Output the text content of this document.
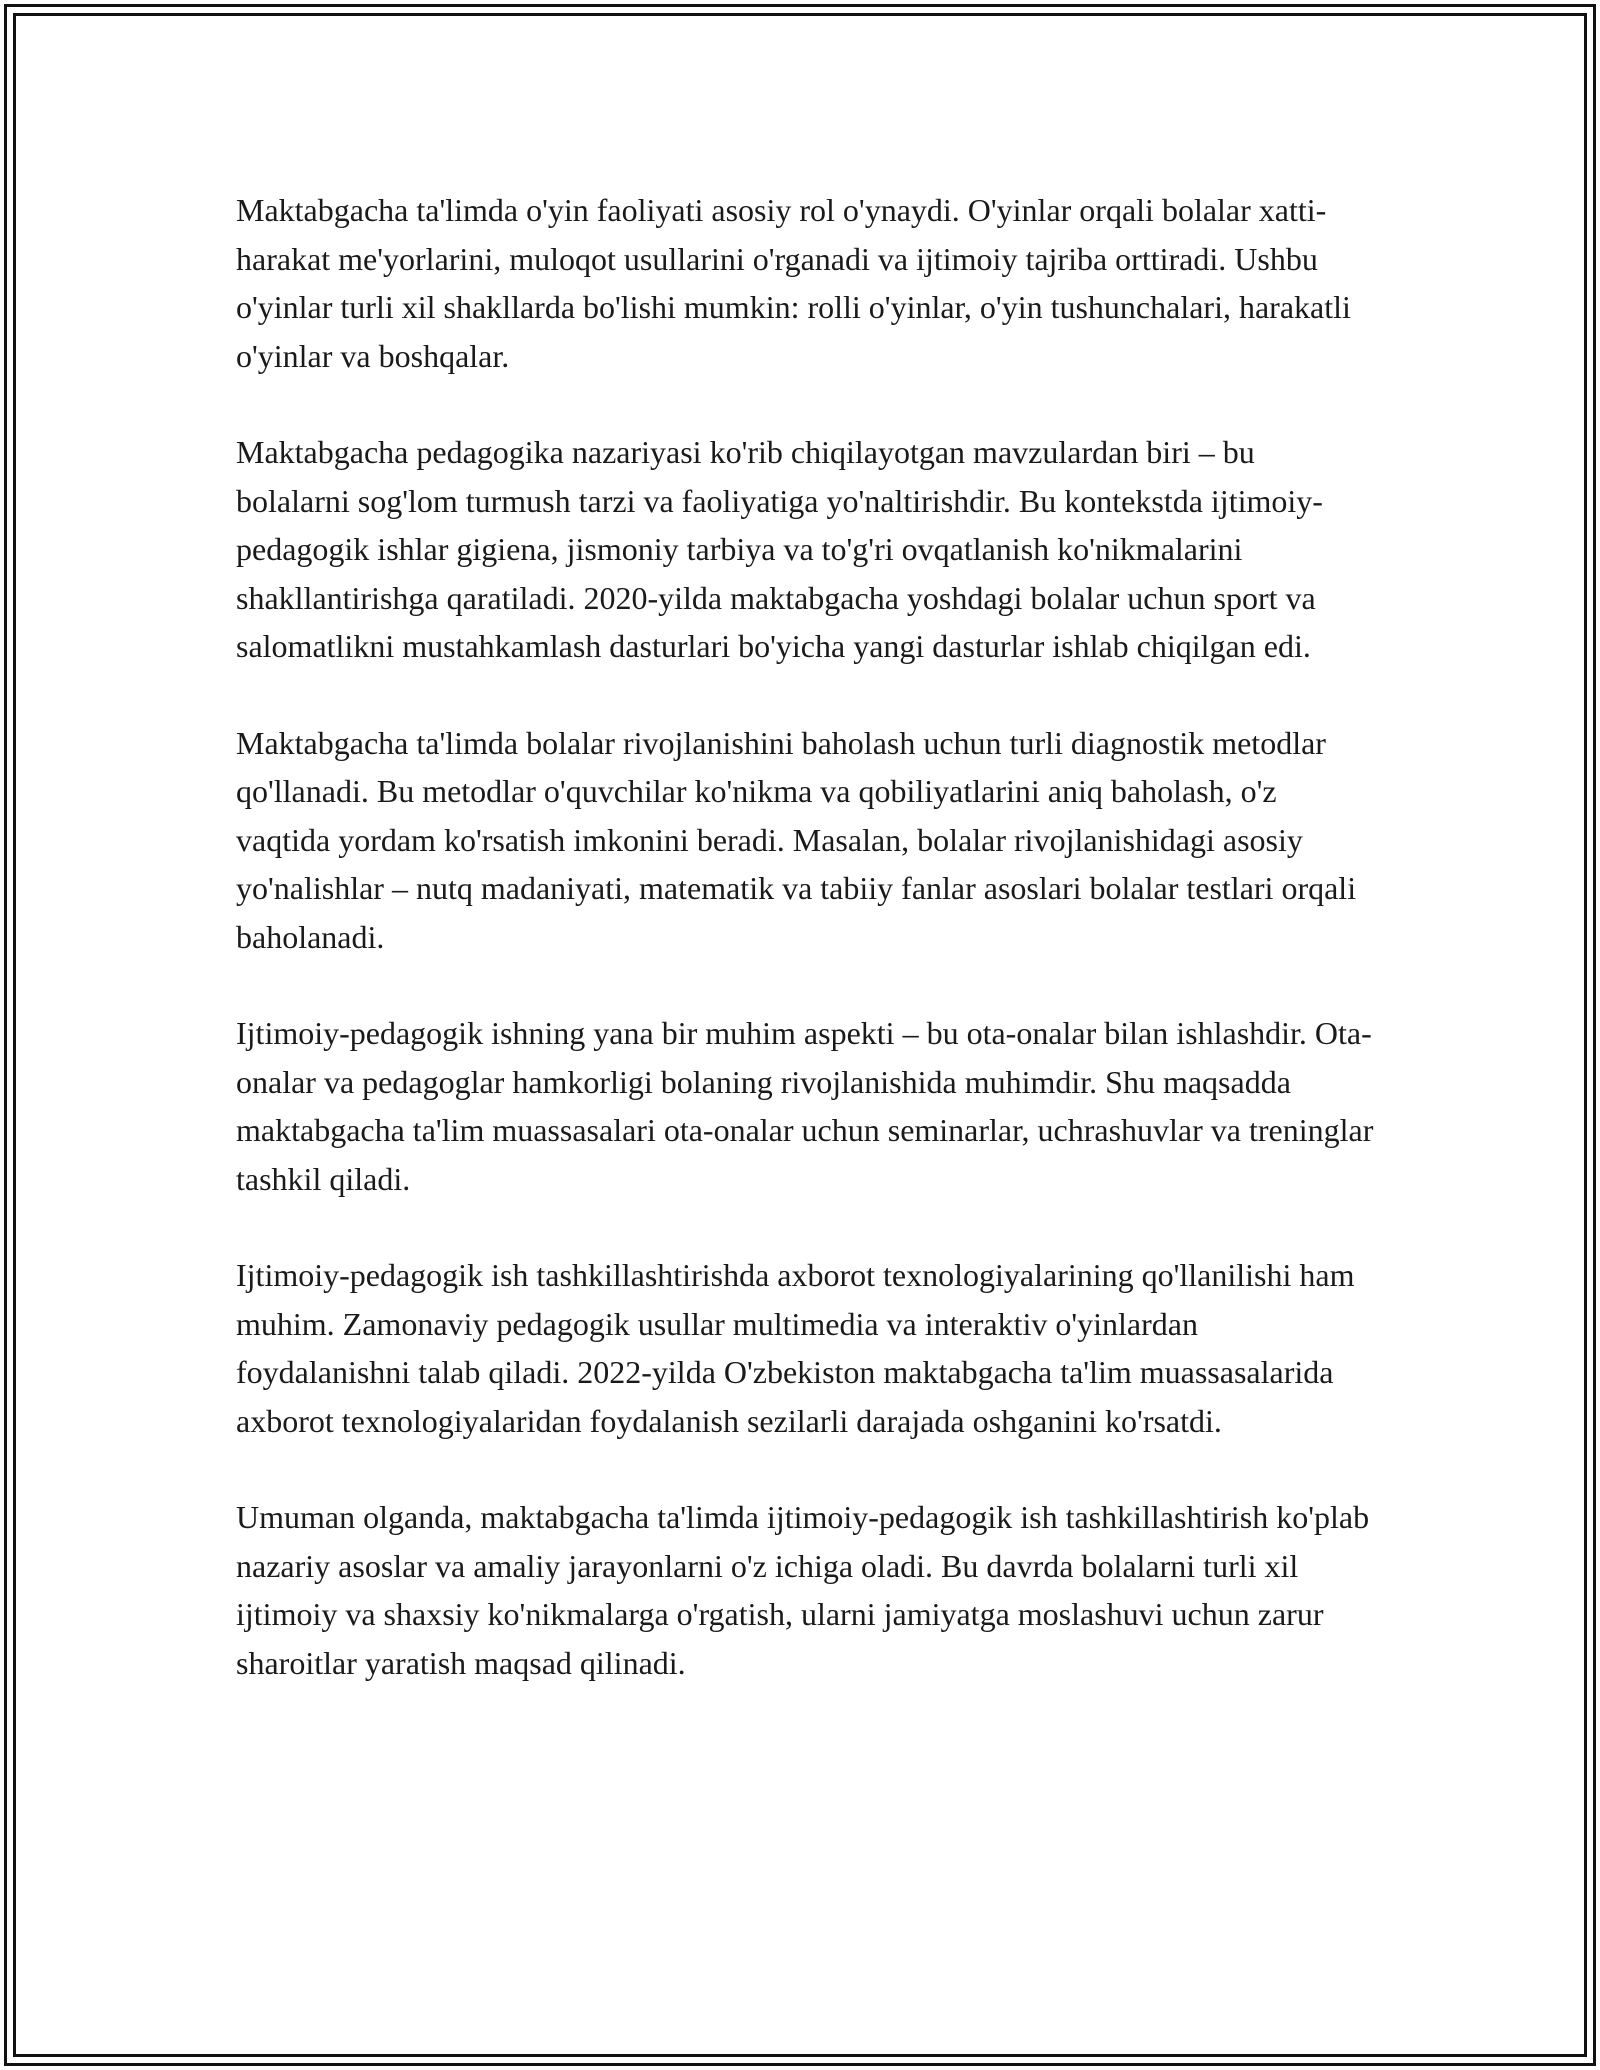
Maktabgacha ta'limda o'yin faoliyati asosiy rol o'ynaydi. O'yinlar orqali bolalar xatti-harakat me'yorlarini, muloqot usullarini o'rganadi va ijtimoiy tajriba orttiradi. Ushbu o'yinlar turli xil shakllarda bo'lishi mumkin: rolli o'yinlar, o'yin tushunchalari, harakatli o'yinlar va boshqalar.

Maktabgacha pedagogika nazariyasi ko'rib chiqilayotgan mavzulardan biri – bu bolalarni sog'lom turmush tarzi va faoliyatiga yo'naltirishdir. Bu kontekstda ijtimoiy-pedagogik ishlar gigiena, jismoniy tarbiya va to'g'ri ovqatlanish ko'nikmalarini shakllantirishga qaratiladi. 2020-yilda maktabgacha yoshdagi bolalar uchun sport va salomatlikni mustahkamlash dasturlari bo'yicha yangi dasturlar ishlab chiqilgan edi.

Maktabgacha ta'limda bolalar rivojlanishini baholash uchun turli diagnostik metodlar qo'llanadi. Bu metodlar o'quvchilar ko'nikma va qobiliyatlarini aniq baholash, o'z vaqtida yordam ko'rsatish imkonini beradi. Masalan, bolalar rivojlanishidagi asosiy yo'nalishlar – nutq madaniyati, matematik va tabiiy fanlar asoslari bolalar testlari orqali baholanadi.

Ijtimoiy-pedagogik ishning yana bir muhim aspekti – bu ota-onalar bilan ishlashdir. Ota-onalar va pedagoglar hamkorligi bolaning rivojlanishida muhimdir. Shu maqsadda maktabgacha ta'lim muassasalari ota-onalar uchun seminarlar, uchrashuvlar va treninglar tashkil qiladi.

Ijtimoiy-pedagogik ish tashkillashtirishda axborot texnologiyalarining qo'llanilishi ham muhim. Zamonaviy pedagogik usullar multimedia va interaktiv o'yinlardan foydalanishni talab qiladi. 2022-yilda O'zbekiston maktabgacha ta'lim muassasalarida axborot texnologiyalaridan foydalanish sezilarli darajada oshganini ko'rsatdi.

Umuman olganda, maktabgacha ta'limda ijtimoiy-pedagogik ish tashkillashtirish ko'plab nazariy asoslar va amaliy jarayonlarni o'z ichiga oladi. Bu davrda bolalarni turli xil ijtimoiy va shaxsiy ko'nikmalarga o'rgatish, ularni jamiyatga moslashuvi uchun zarur sharoitlar yaratish maqsad qilinadi.
